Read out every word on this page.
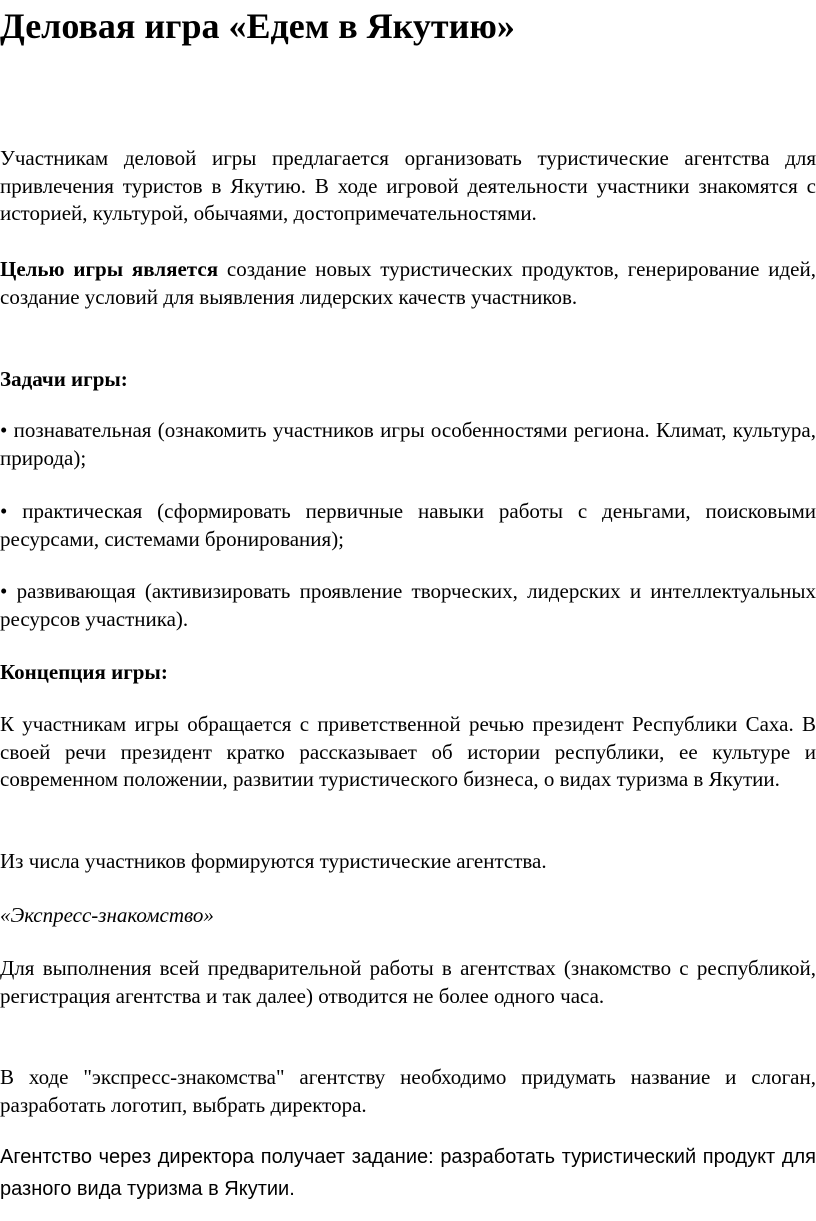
Деловая игра «Едем в Якутию»

Участникам деловой игры предлагается организовать туристические агентства для привлечения туристов в Якутию. В ходе игровой деятельности участники знакомятся с историей, культурой, обычаями, достопримечательностями.

Целью игры является создание новых туристических продуктов, генерирование идей, создание условий для выявления лидерских качеств участников.

Задачи игры:

• познавательная (ознакомить участников игры особенностями региона. Климат, культура, природа);

• практическая (сформировать первичные навыки работы с деньгами, поисковыми ресурсами, системами бронирования);

• развивающая (активизировать проявление творческих, лидерских и интеллектуальных ресурсов участника).

Концепция игры:

К участникам игры обращается с приветственной речью президент Республики Саха. В своей речи президент кратко рассказывает об истории республики, ее культуре и современном положении, развитии туристического бизнеса, о видах туризма в Якутии.

Из числа участников формируются туристические агентства.

«Экспресс-знакомство»

Для выполнения всей предварительной работы в агентствах (знакомство с республикой, регистрация агентства и так далее) отводится не более одного часа.

В ходе "экспресс-знакомства" агентству необходимо придумать название и слоган, разработать логотип, выбрать директора.

Агентство через директора получает задание: разработать туристический продукт для разного вида туризма в Якутии.
